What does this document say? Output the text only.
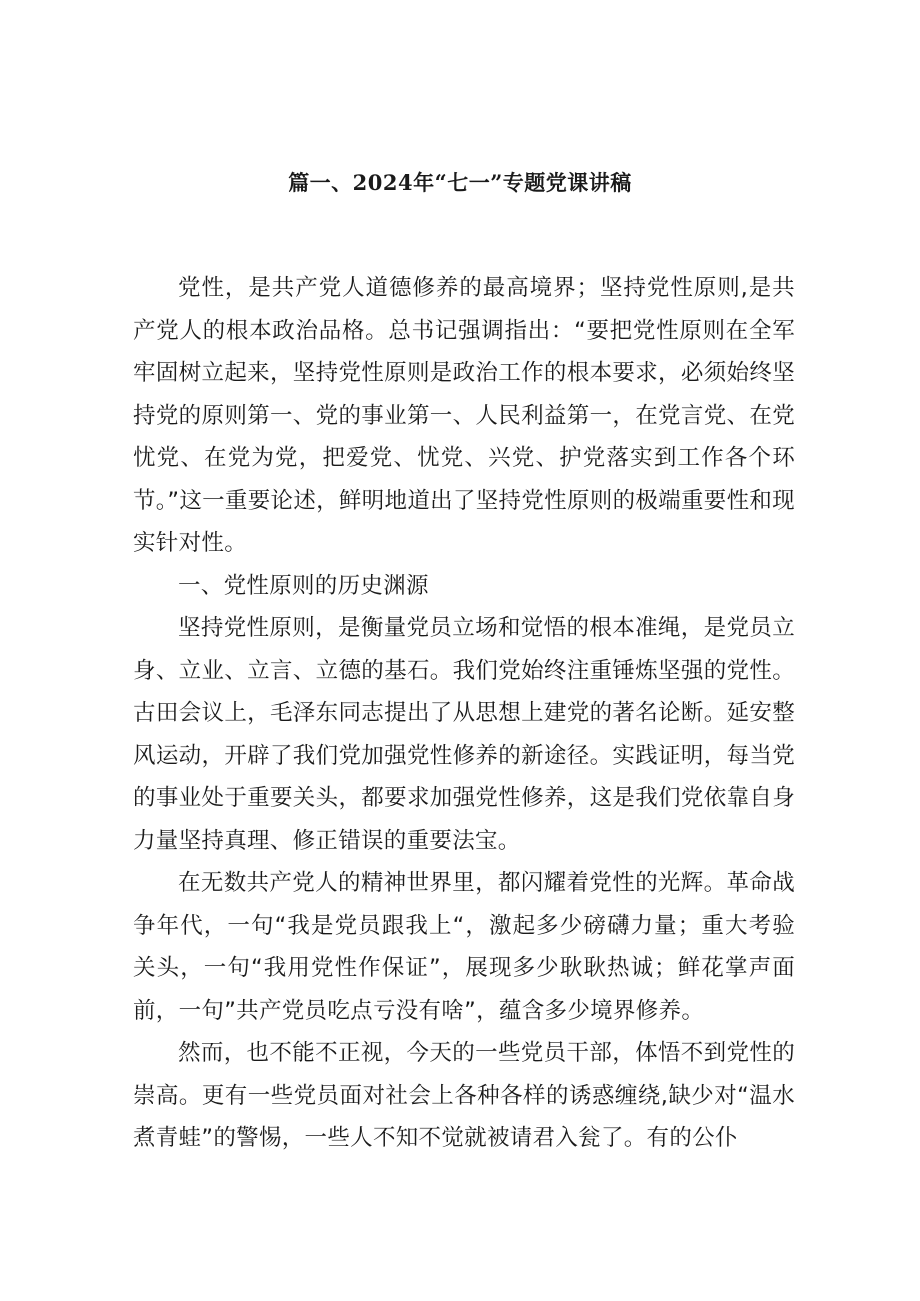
篇一、2024年“七一”专题党课讲稿

党性，是共产党人道德修养的最高境界；坚持党性原则,是共产党人的根本政治品格。总书记强调指出：“要把党性原则在全军牢固树立起来，坚持党性原则是政治工作的根本要求，必须始终坚持党的原则第一、党的事业第一、人民利益第一，在党言党、在党忧党、在党为党，把爱党、忧党、兴党、护党落实到工作各个环节。”这一重要论述，鲜明地道出了坚持党性原则的极端重要性和现实针对性。

一、党性原则的历史渊源

坚持党性原则，是衡量党员立场和觉悟的根本准绳，是党员立身、立业、立言、立德的基石。我们党始终注重锤炼坚强的党性。古田会议上，毛泽东同志提出了从思想上建党的著名论断。延安整风运动，开辟了我们党加强党性修养的新途径。实践证明，每当党的事业处于重要关头，都要求加强党性修养，这是我们党依靠自身力量坚持真理、修正错误的重要法宝。

在无数共产党人的精神世界里，都闪耀着党性的光辉。革命战争年代，一句“我是党员跟我上“，激起多少磅礴力量；重大考验关头，一句“我用党性作保证”，展现多少耿耿热诚；鲜花掌声面前，一句”共产党员吃点亏没有啥”，蕴含多少境界修养。

然而，也不能不正视，今天的一些党员干部，体悟不到党性的崇高。更有一些党员面对社会上各种各样的诱惑缠绕,缺少对“温水煮青蛙”的警惕，一些人不知不觉就被请君入瓮了。有的公仆
